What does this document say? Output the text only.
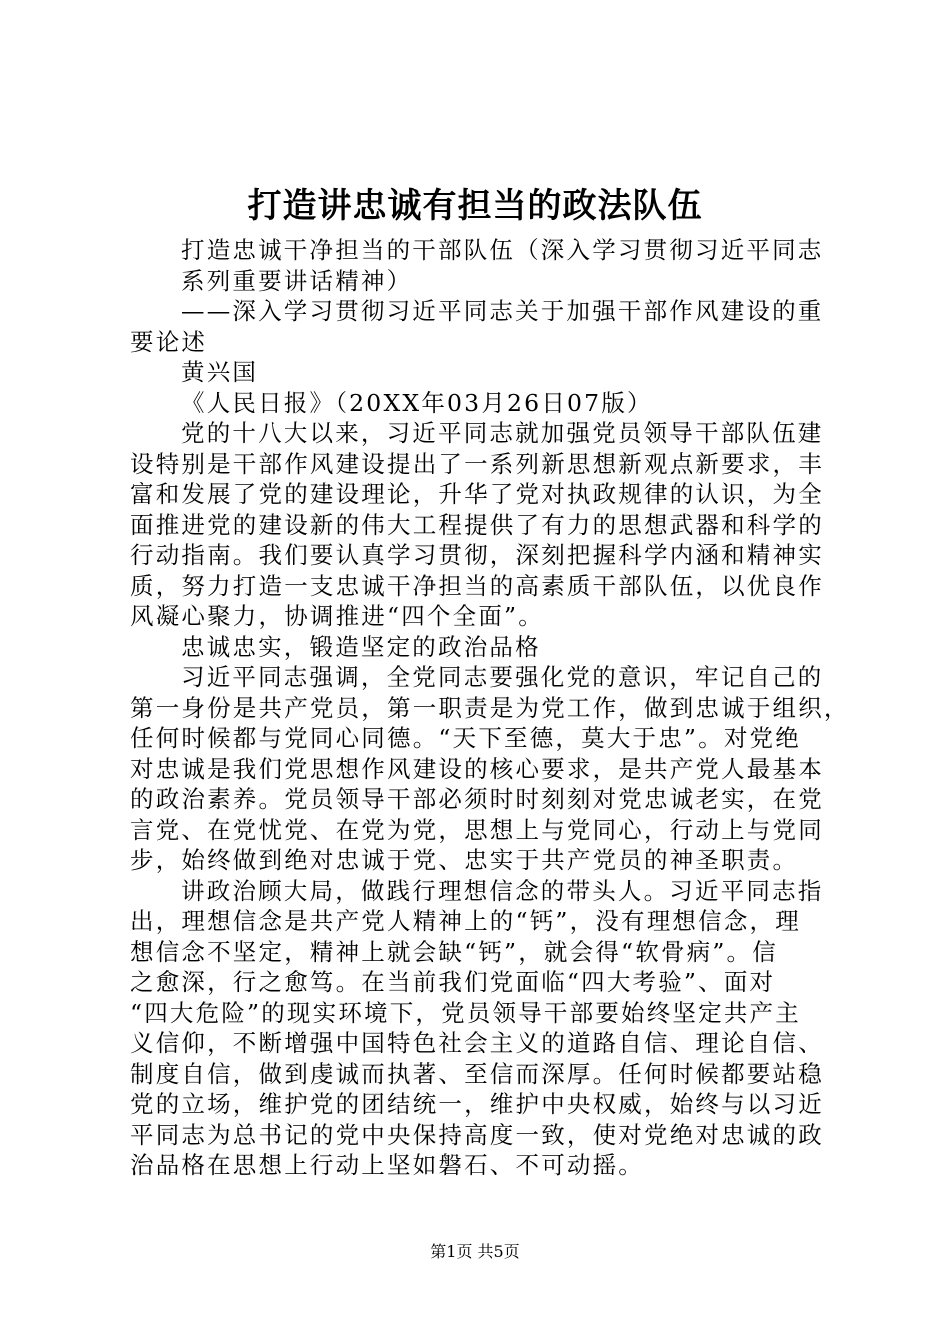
打造讲忠诚有担当的政法队伍
打造忠诚干净担当的干部队伍（深入学习贯彻习近平同志
系列重要讲话精神）
——深入学习贯彻习近平同志关于加强干部作风建设的重
要论述
黄兴国
《人民日报》（20XX年03月26日07版）
党的十八大以来，习近平同志就加强党员领导干部队伍建
设特别是干部作风建设提出了一系列新思想新观点新要求，丰
富和发展了党的建设理论，升华了党对执政规律的认识，为全
面推进党的建设新的伟大工程提供了有力的思想武器和科学的
行动指南。我们要认真学习贯彻，深刻把握科学内涵和精神实
质，努力打造一支忠诚干净担当的高素质干部队伍，以优良作
风凝心聚力，协调推进“四个全面”。
忠诚忠实，锻造坚定的政治品格
习近平同志强调，全党同志要强化党的意识，牢记自己的
第一身份是共产党员，第一职责是为党工作，做到忠诚于组织，
任何时候都与党同心同德。“天下至德，莫大于忠”。对党绝
对忠诚是我们党思想作风建设的核心要求，是共产党人最基本
的政治素养。党员领导干部必须时时刻刻对党忠诚老实，在党
言党、在党忧党、在党为党，思想上与党同心，行动上与党同
步，始终做到绝对忠诚于党、忠实于共产党员的神圣职责。
讲政治顾大局，做践行理想信念的带头人。习近平同志指
出，理想信念是共产党人精神上的“钙”，没有理想信念，理
想信念不坚定，精神上就会缺“钙”，就会得“软骨病”。信
之愈深，行之愈笃。在当前我们党面临“四大考验”、面对
“四大危险”的现实环境下，党员领导干部要始终坚定共产主
义信仰，不断增强中国特色社会主义的道路自信、理论自信、
制度自信，做到虔诚而执著、至信而深厚。任何时候都要站稳
党的立场，维护党的团结统一，维护中央权威，始终与以习近
平同志为总书记的党中央保持高度一致，使对党绝对忠诚的政
治品格在思想上行动上坚如磐石、不可动摇。
第1页 共5页
